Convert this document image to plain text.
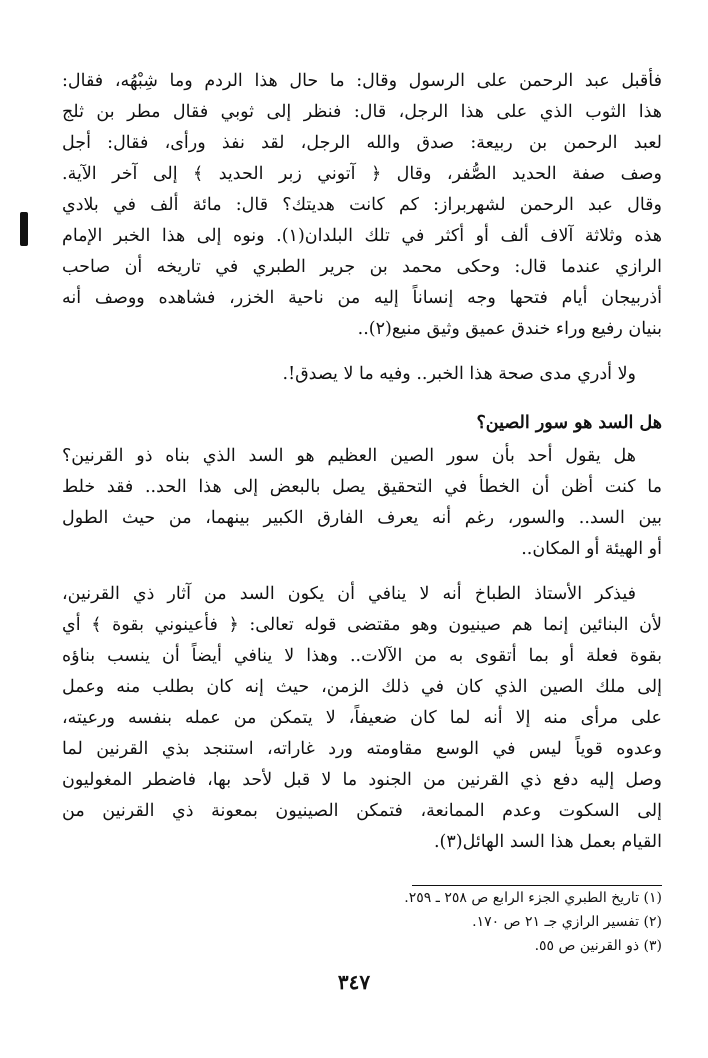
فأقبل عبد الرحمن على الرسول وقال: ما حال هذا الردم وما شِبْهُه، فقال:

هذا الثوب الذي على هذا الرجل، قال: فنظر إلى ثوبي فقال مطر بن ثلج

لعبد الرحمن بن ربيعة: صدق والله الرجل، لقد نفذ ورأى، فقال: أجل

وصف صفة الحديد الصُّفر، وقال ﴿ آتوني زبر الحديد ﴾ إلى آخر الآية.

وقال عبد الرحمن لشهربراز: كم كانت هديتك؟ قال: مائة ألف في بلادي

هذه وثلاثة آلاف ألف أو أكثر في تلك البلدان(١). ونوه إلى هذا الخبر الإمام

الرازي عندما قال: وحكى محمد بن جرير الطبري في تاريخه أن صاحب

أذربيجان أيام فتحها وجه إنساناً إليه من ناحية الخزر، فشاهده ووصف أنه

بنيان رفيع وراء خندق عميق وثيق منيع(٢)..

ولا أدري مدى صحة هذا الخبر.. وفيه ما لا يصدق!.

هل السد هو سور الصين؟

هل يقول أحد بأن سور الصين العظيم هو السد الذي بناه ذو القرنين؟

ما كنت أظن أن الخطأ في التحقيق يصل بالبعض إلى هذا الحد.. فقد خلط

بين السد.. والسور، رغم أنه يعرف الفارق الكبير بينهما، من حيث الطول

أو الهيئة أو المكان..

فيذكر الأستاذ الطباخ أنه لا ينافي أن يكون السد من آثار ذي القرنين،

لأن البنائين إنما هم صينيون وهو مقتضى قوله تعالى: ﴿ فأعينوني بقوة ﴾ أي

بقوة فعلة أو بما أتقوى به من الآلات.. وهذا لا ينافي أيضاً أن ينسب بناؤه

إلى ملك الصين الذي كان في ذلك الزمن، حيث إنه كان بطلب منه وعمل

على مرأى منه إلا أنه لما كان ضعيفاً، لا يتمكن من عمله بنفسه ورعيته،

وعدوه قوياً ليس في الوسع مقاومته ورد غاراته، استنجد بذي القرنين لما

وصل إليه دفع ذي القرنين من الجنود ما لا قبل لأحد بها، فاضطر المغوليون

إلى السكوت وعدم الممانعة، فتمكن الصينيون بمعونة ذي القرنين من

القيام بعمل هذا السد الهائل(٣).

(١) تاريخ الطبري الجزء الرابع ص ٢٥٨ ـ ٢٥٩.

(٢) تفسير الرازي جـ ٢١ ص ١٧٠.

(٣) ذو القرنين ص ٥٥.

٣٤٧
